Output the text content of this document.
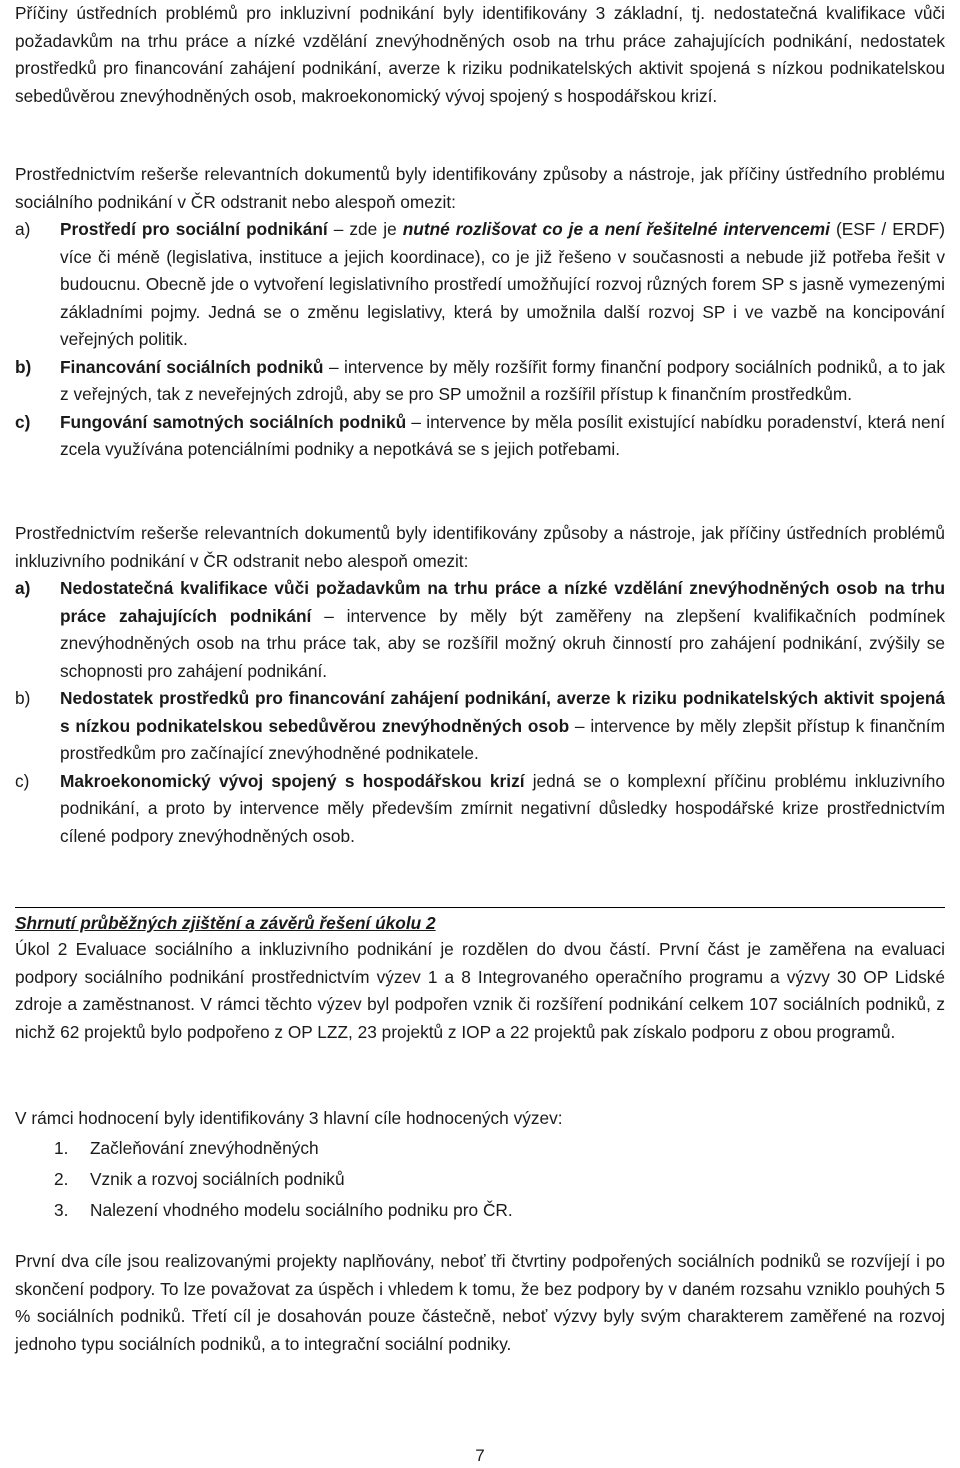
Příčiny ústředních problémů pro inkluzivní podnikání byly identifikovány 3 základní, tj. nedostatečná kvalifikace vůči požadavkům na trhu práce a nízké vzdělání znevýhodněných osob na trhu práce zahajujících podnikání, nedostatek prostředků pro financování zahájení podnikání, averze k riziku podnikatelských aktivit spojená s nízkou podnikatelskou sebedůvěrou znevýhodněných osob, makroekonomický vývoj spojený s hospodářskou krizí.

Prostřednictvím rešerše relevantních dokumentů byly identifikovány způsoby a nástroje, jak příčiny ústředního problému sociálního podnikání v ČR odstranit nebo alespoň omezit:

a)	Prostředí pro sociální podnikání – zde je nutné rozlišovat co je a není řešitelné intervencemi (ESF / ERDF) více či méně (legislativa, instituce a jejich koordinace), co je již řešeno v současnosti a nebude již potřeba řešit v budoucnu. Obecně jde o vytvoření legislativního prostředí umožňující rozvoj různých forem SP s jasně vymezenými základními pojmy. Jedná se o změnu legislativy, která by umožnila další rozvoj SP i ve vazbě na koncipování veřejných politik.
b)	Financování sociálních podniků – intervence by měly rozšířit formy finanční podpory sociálních podniků, a to jak z veřejných, tak z neveřejných zdrojů, aby se pro SP umožnil a rozšířil přístup k finančním prostředkům.
c)	Fungování samotných sociálních podniků – intervence by měla posílit existující nabídku poradenství, která není zcela využívána potenciálními podniky a nepotkává se s jejich potřebami.

Prostřednictvím rešerše relevantních dokumentů byly identifikovány způsoby a nástroje, jak příčiny ústředních problémů inkluzivního podnikání v ČR odstranit nebo alespoň omezit:

a)	Nedostatečná kvalifikace vůči požadavkům na trhu práce a nízké vzdělání znevýhodněných osob na trhu práce zahajujících podnikání – intervence by měly být zaměřeny na zlepšení kvalifikačních podmínek znevýhodněných osob na trhu práce tak, aby se rozšířil možný okruh činností pro zahájení podnikání, zvýšily se schopnosti pro zahájení podnikání.
b)	Nedostatek prostředků pro financování zahájení podnikání, averze k riziku podnikatelských aktivit spojená s nízkou podnikatelskou sebedůvěrou znevýhodněných osob – intervence by měly zlepšit přístup k finančním prostředkům pro začínající znevýhodněné podnikatele.
c)	Makroekonomický vývoj spojený s hospodářskou krizí jedná se o komplexní příčinu problému inkluzivního podnikání, a proto by intervence měly především zmírnit negativní důsledky hospodářské krize prostřednictvím cílené podpory znevýhodněných osob.

Shrnutí průběžných zjištění a závěrů řešení úkolu 2

Úkol 2 Evaluace sociálního a inkluzivního podnikání je rozdělen do dvou částí. První část je zaměřena na evaluaci podpory sociálního podnikání prostřednictvím výzev 1 a 8 Integrovaného operačního programu a výzvy 30 OP Lidské zdroje a zaměstnanost. V rámci těchto výzev byl podpořen vznik či rozšíření podnikání celkem 107 sociálních podniků, z nichž 62 projektů bylo podpořeno z OP LZZ, 23 projektů z IOP a 22 projektů pak získalo podporu z obou programů.

V rámci hodnocení byly identifikovány 3 hlavní cíle hodnocených výzev:

1.	Začleňování znevýhodněných
2.	Vznik a rozvoj sociálních podniků
3.	Nalezení vhodného modelu sociálního podniku pro ČR.

První dva cíle jsou realizovanými projekty naplňovány, neboť tři čtvrtiny podpořených sociálních podniků se rozvíjejí i po skončení podpory. To lze považovat za úspěch i vhledem k tomu, že bez podpory by v daném rozsahu vzniklo pouhých 5 % sociálních podniků. Třetí cíl je dosahován pouze částečně, neboť výzvy byly svým charakterem zaměřené na rozvoj jednoho typu sociálních podniků, a to integrační sociální podniky.

7
